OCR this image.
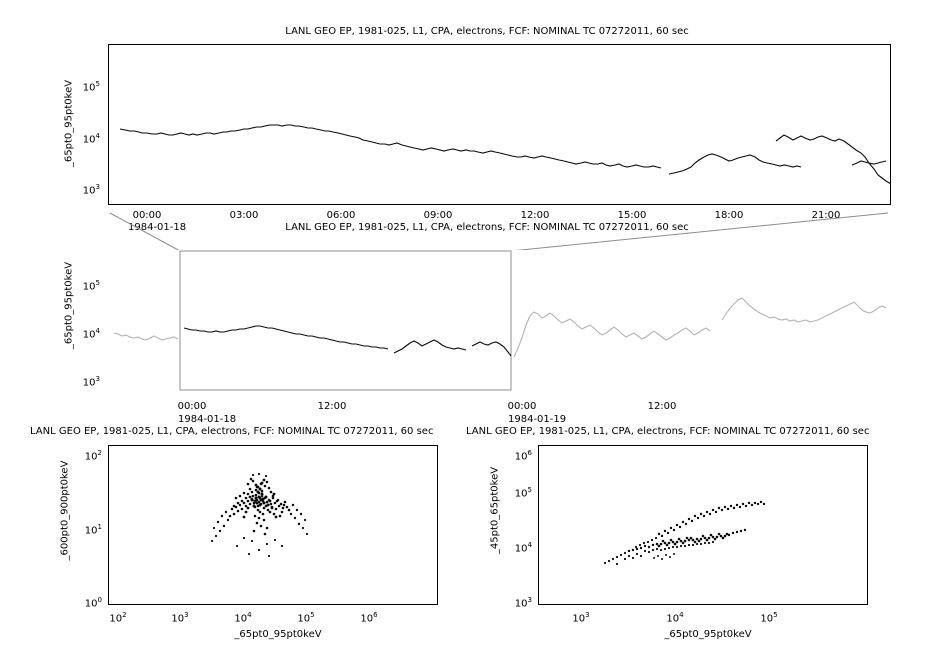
LANL GEO EP, 1981-025, L1, CPA, electrons, FCF: NOMINAL TC 07272011, 60 sec
_65pt0_95pt0keV
$10^3$
$10^4$
$10^5$
00:00	03:00	06:00	09:00	12:00	15:00	18:00	21:00
1984-01-18	LANL GEO EP, 1981-025, L1, CPA, electrons, FCF: NOMINAL TC 07272011, 60 sec
_65pt0_95pt0keV
$10^3$
$10^4$
$10^5$
00:00	12:00	00:00	12:00
1984-01-18	1984-01-19
LANL GEO EP, 1981-025, L1, CPA, electrons, FCF: NOMINAL TC 07272011, 60 sec
_600pt0_900pt0keV
$10^0$
$10^1$
$10^2$
$10^2$	$10^3$	$10^4$	$10^5$	$10^6$
_65pt0_95pt0keV
LANL GEO EP, 1981-025, L1, CPA, electrons, FCF: NOMINAL TC 07272011, 60 sec
_45pt0_65pt0keV
$10^3$
$10^4$
$10^5$
$10^6$
$10^3$	$10^4$	$10^5$
_65pt0_95pt0keV
